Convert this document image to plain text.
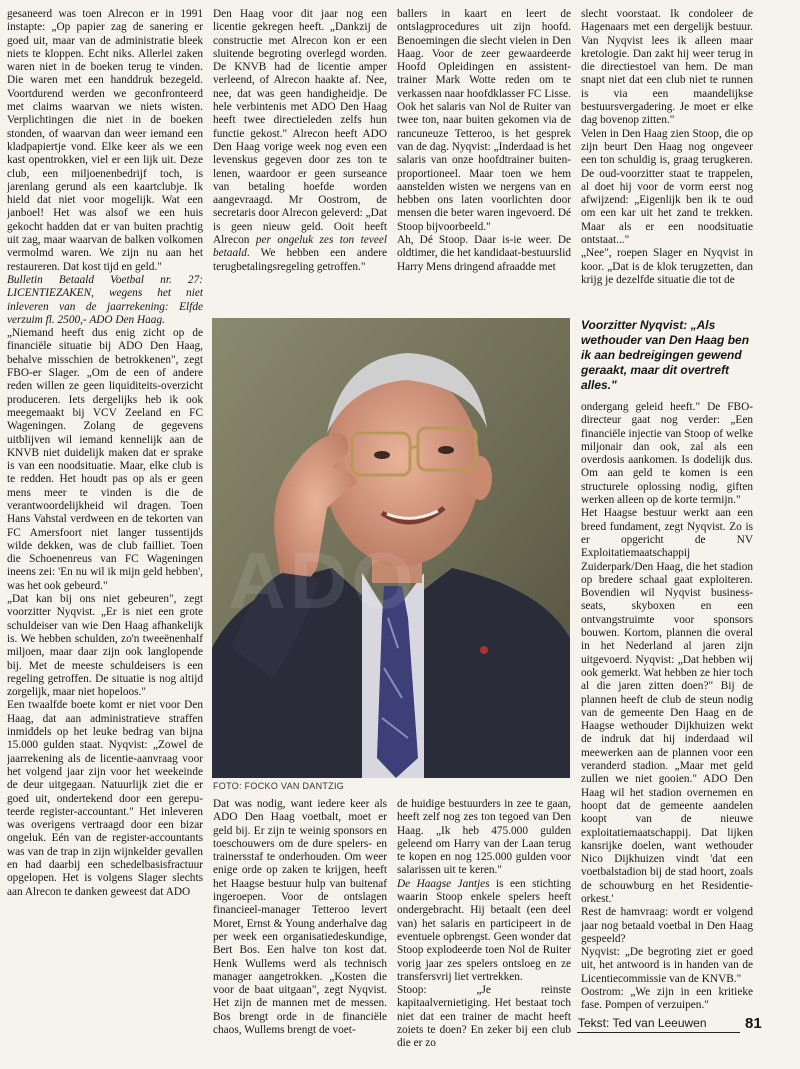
gesaneerd was toen Alrecon er in 1991 instapte: „Op papier zag de sanering er goed uit, maar van de administratie bleek niets te kloppen. Echt niks. Allerlei zaken waren niet in de boeken terug te vinden. Die waren met een handdruk bezegeld. Voortdurend werden we geconfronteerd met claims waarvan we niets wisten. Verplichtingen die niet in de boeken stonden, of waarvan dan weer iemand een kladpapiertje vond. Elke keer als we een kast opentrokken, viel er een lijk uit. Deze club, een miljoenenbedrijf toch, is jarenlang gerund als een kaartclubje. Ik hield dat niet voor mogelijk. Wat een janboel! Het was alsof we een huis gekocht hadden dat er van buiten prachtig uit zag, maar waarvan de balken volkomen vermolmd waren. We zijn nu aan het restaureren. Dat kost tijd en geld."

Bulletin Betaald Voetbal nr. 27: LICENTIEZAKEN, wegens het niet inleveren van de jaarrekening: Elfde verzuim fl. 2500,- ADO Den Haag.

„Niemand heeft dus enig zicht op de financiële situatie bij ADO Den Haag, behalve misschien de betrokkenen", zegt FBO-er Slager. „Om de een of andere reden willen ze geen liquiditeits-overzicht produceren. Iets dergelijks heb ik ook meegemaakt bij VCV Zeeland en FC Wageningen. Zolang de gegevens uitblijven wil iemand kennelijk aan de KNVB niet duidelijk maken dat er sprake is van een noodsituatie. Maar, elke club is te redden. Het houdt pas op als er geen mens meer te vinden is die de verantwoordelijkheid wil dragen. Toen Hans Vahstal verdween en de tekorten van FC Amersfoort niet langer tussentijds wilde dekken, was de club failliet. Toen die Schoenenreus van FC Wageningen ineens zei: 'En nu wil ik mijn geld hebben', was het ook gebeurd."

„Dat kan bij ons niet gebeuren", zegt voorzitter Nyqvist. „Er is niet een grote schuldeiser van wie Den Haag afhankelijk is. We hebben schulden, zo'n tweeënenhalf miljoen, maar daar zijn ook langlopende bij. Met de meeste schuldeisers is een regeling getroffen. De situatie is nog altijd zorgelijk, maar niet hopeloos."

Een twaalfde boete komt er niet voor Den Haag, dat aan administratieve straffen inmiddels op het leuke bedrag van bijna 15.000 gulden staat. Nyqvist: „Zowel de jaarrekening als de licentie-aanvraag voor het volgend jaar zijn voor het weekeinde de deur uitgegaan. Natuurlijk ziet die er goed uit, ondertekend door een gerepu-teerde register-accountant." Het inleveren was overigens vertraagd door een bizar ongeluk. Eén van de register-accountants was van de trap in zijn wijnkelder gevallen en had daarbij een schedelbasisfractuur opgelopen. Het is volgens Slager slechts aan Alrecon te danken geweest dat ADO

Den Haag voor dit jaar nog een licentie gekregen heeft. „Dankzij de constructie met Alrecon kon er een sluitende begroting overlegd worden. De KNVB had de licentie amper verleend, of Alrecon haakte af. Nee, nee, dat was geen handigheidje. De hele verbintenis met ADO Den Haag heeft twee directieleden zelfs hun functie gekost." Alrecon heeft ADO Den Haag vorige week nog even een levenskus gegeven door zes ton te lenen, waardoor er geen surseance van betaling hoefde worden aangevraagd. Mr Oostrom, de secretaris door Alrecon geleverd: „Dat is geen nieuw geld. Ooit heeft Alrecon per ongeluk zes ton teveel betaald. We hebben een andere terugbetalingsregeling getroffen."

ballers in kaart en leert de ontslagprocedures uit zijn hoofd. Benoemingen die slecht vielen in Den Haag. Voor de zeer gewaardeerde Hoofd Opleidingen en assistent-trainer Mark Wotte reden om te verkassen naar hoofdklasser FC Lisse. Ook het salaris van Nol de Ruiter van twee ton, naar buiten gekomen via de rancuneuze Tetteroo, is het gesprek van de dag. Nyqvist: „Inderdaad is het salaris van onze hoofdtrainer buiten-proportioneel. Maar toen we hem aanstelden wisten we nergens van en hebben ons laten voorlichten door mensen die beter waren ingevoerd. Dé Stoop bijvoorbeeld."

Ah, Dé Stoop. Daar is-ie weer. De oldtimer, die het kandidaat-bestuurslid Harry Mens dringend afraadde met

slecht voorstaat. Ik condoleer de Hagenaars met een dergelijk bestuur. Van Nyqvist lees ik alleen maar kretologie. Dan zakt hij weer terug in die directiestoel van hem. De man snapt niet dat een club niet te runnen is via een maandelijkse bestuursvergadering. Je moet er elke dag bovenop zitten."

Velen in Den Haag zien Stoop, die op zijn beurt Den Haag nog ongeveer een ton schuldig is, graag terugkeren. De oud-voorzitter staat te trappelen, al doet hij voor de vorm eerst nog afwijzend: „Eigenlijk ben ik te oud om een kar uit het zand te trekken. Maar als er een noodsituatie ontstaat..."

„Nee", roepen Slager en Nyqvist in koor. „Dat is de klok terugzetten, dan krijg je dezelfde situatie die tot de

FOTO: FOCKO VAN DANTZIG
Voorzitter Nyqvist: „Als wethouder van Den Haag ben ik aan bedreigingen gewend geraakt, maar dit overtreft alles."

ondergang geleid heeft." De FBO-directeur gaat nog verder: „Een financiële injectie van Stoop of welke miljonair dan ook, zal als een overdosis aankomen. Is dodelijk dus. Om aan geld te komen is een structurele oplossing nodig, giften werken alleen op de korte termijn."

Het Haagse bestuur werkt aan een breed fundament, zegt Nyqvist. Zo is er opgericht de NV Exploitatiemaatschappij Zuiderpark/Den Haag, die het stadion op bredere schaal gaat exploiteren. Bovendien wil Nyqvist business-seats, skyboxen en een ontvangstruimte voor sponsors bouwen. Kortom, plannen die overal in het Nederland al jaren zijn uitgevoerd. Nyqvist: „Dat hebben wij ook gemerkt. Wat hebben ze hier toch al die jaren zitten doen?" Bij de plannen heeft de club de steun nodig van de gemeente Den Haag en de Haagse wethouder Dijkhuizen wekt de indruk dat hij inderdaad wil meewerken aan de plannen voor een veranderd stadion. „Maar met geld zullen we niet gooien." ADO Den Haag wil het stadion overnemen en hoopt dat de gemeente aandelen koopt van de nieuwe exploitatiemaatschappij. Dat lijken kansrijke doelen, want wethouder Nico Dijkhuizen vindt 'dat een voetbalstadion bij de stad hoort, zoals de schouwburg en het Residentie-orkest.'

Rest de hamvraag: wordt er volgend jaar nog betaald voetbal in Den Haag gespeeld?

Nyqvist: „De begroting ziet er goed uit, het antwoord is in handen van de Licentiecommissie van de KNVB."

Oostrom: „We zijn in een kritieke fase. Pompen of verzuipen."

Dat was nodig, want iedere keer als ADO Den Haag voetbalt, moet er geld bij. Er zijn te weinig sponsors en toeschouwers om de dure spelers- en trainersstaf te onderhouden. Om weer enige orde op zaken te krijgen, heeft het Haagse bestuur hulp van buitenaf ingeroepen. Voor de ontslagen financieel-manager Tetteroo levert Moret, Ernst & Young anderhalve dag per week een organisatiedeskundige, Bert Bos. Een halve ton kost dat. Henk Wullems werd als technisch manager aangetrokken. „Kosten die voor de baat uitgaan", zegt Nyqvist. Het zijn de mannen met de messen. Bos brengt orde in de financiële chaos, Wullems brengt de voet-

de huidige bestuurders in zee te gaan, heeft zelf nog zes ton tegoed van Den Haag. „Ik heb 475.000 gulden geleend om Harry van der Laan terug te kopen en nog 125.000 gulden voor salarissen uit te keren."

De Haagse Jantjes is een stichting waarin Stoop enkele spelers heeft ondergebracht. Hij betaalt (een deel van) het salaris en participeert in de eventuele opbrengst. Geen wonder dat Stoop explodeerde toen Nol de Ruiter vorig jaar zes spelers ontsloeg en ze transfersvrij liet vertrekken.

Stoop: „Je reinste kapitaalvernietiging. Het bestaat toch niet dat een trainer de macht heeft zoiets te doen? En zeker bij een club die er zo

Tekst: Ted van Leeuwen	81
